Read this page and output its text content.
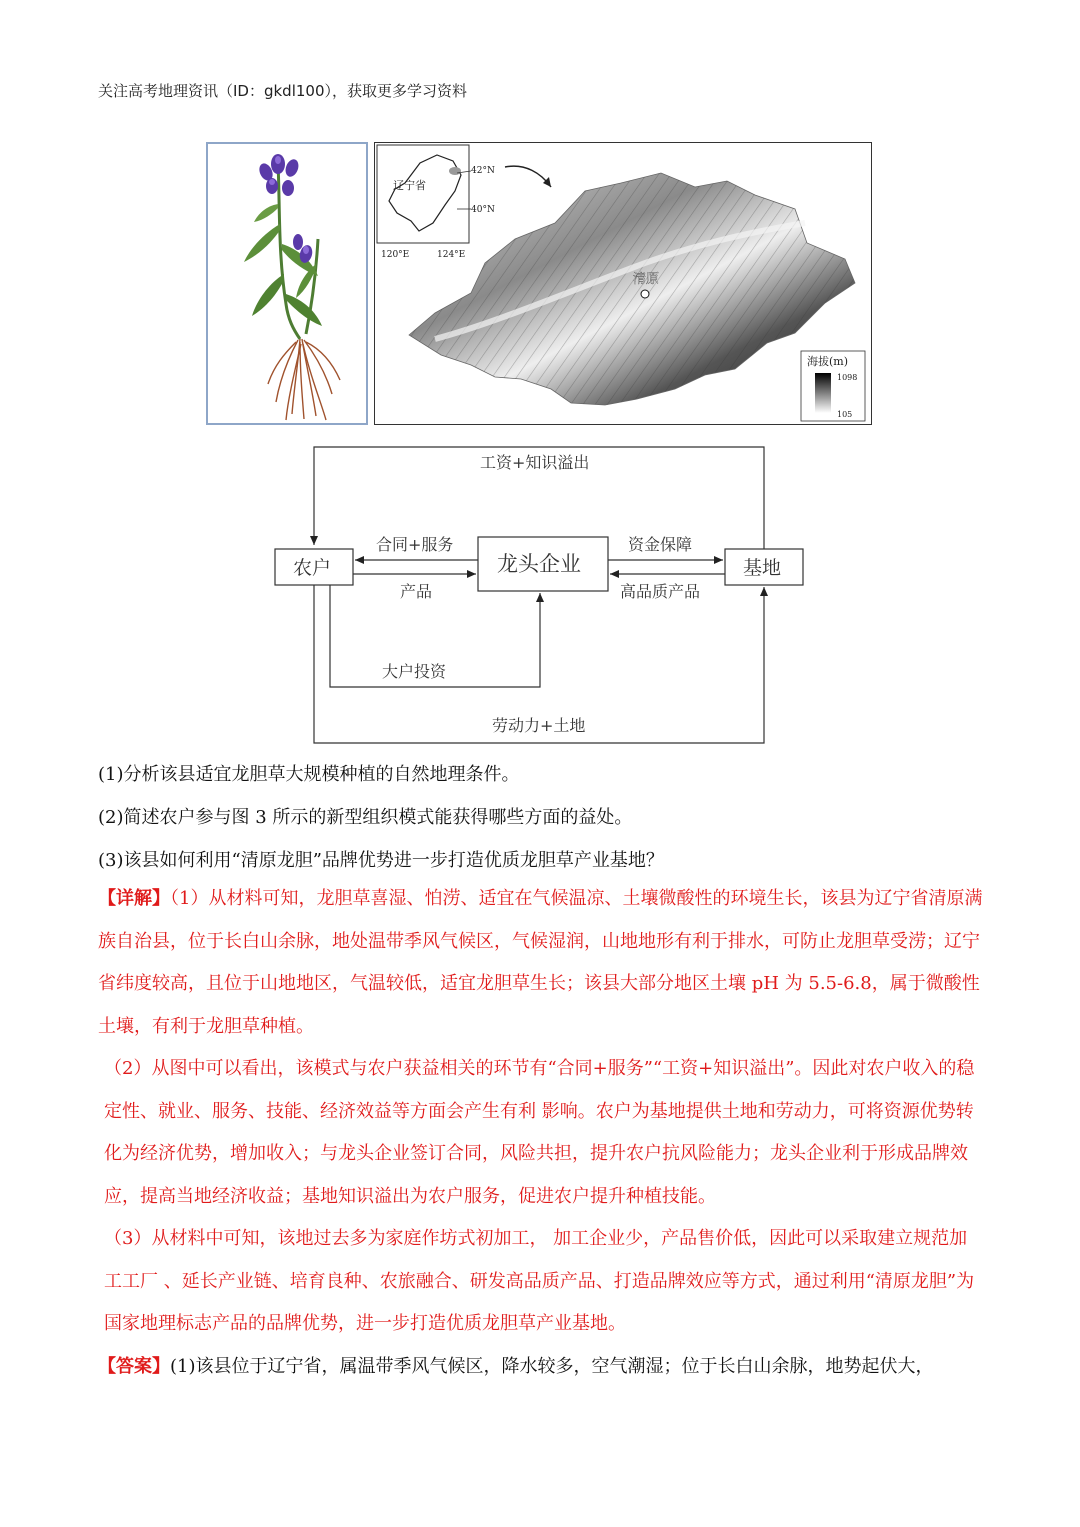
关注高考地理资讯（ID：gkdl100），获取更多学习资料
辽宁省
42°N
40°N
120°E	124°E
清原
海拔(m)
1098
105
工资+知识溢出
农户	龙头企业	基地
合同+服务
产品
资金保障
高品质产品
大户投资
劳动力+土地
(1)分析该县适宜龙胆草大规模种植的自然地理条件。
(2)简述农户参与图 3 所示的新型组织模式能获得哪些方面的益处。
(3)该县如何利用“清原龙胆”品牌优势进一步打造优质龙胆草产业基地？

【详解】（1）从材料可知，龙胆草喜湿、怕涝、适宜在气候温凉、土壤微酸性的环境生长，该县为辽宁省清原满族自治县，位于长白山余脉，地处温带季风气候区，气候湿润，山地地形有利于排水，可防止龙胆草受涝；辽宁省纬度较高，且位于山地地区，气温较低，适宜龙胆草生长；该县大部分地区土壤 pH 为 5.5-6.8，属于微酸性土壤，有利于龙胆草种植。

（2）从图中可以看出，该模式与农户获益相关的环节有“合同+服务”“工资+知识溢出”。因此对农户收入的稳定性、就业、服务、技能、经济效益等方面会产生有利 影响。农户为基地提供土地和劳动力，可将资源优势转化为经济优势，增加收入；与龙头企业签订合同，风险共担，提升农户抗风险能力；龙头企业利于形成品牌效应，提高当地经济收益；基地知识溢出为农户服务，促进农户提升种植技能。

（3）从材料中可知，该地过去多为家庭作坊式初加工， 加工企业少，产品售价低，因此可以采取建立规范加工工厂 、延长产业链、培育良种、农旅融合、研发高品质产品、打造品牌效应等方式，通过利用“清原龙胆”为国家地理标志产品的品牌优势，进一步打造优质龙胆草产业基地。

【答案】(1)该县位于辽宁省，属温带季风气候区，降水较多，空气潮湿；位于长白山余脉，地势起伏大，
